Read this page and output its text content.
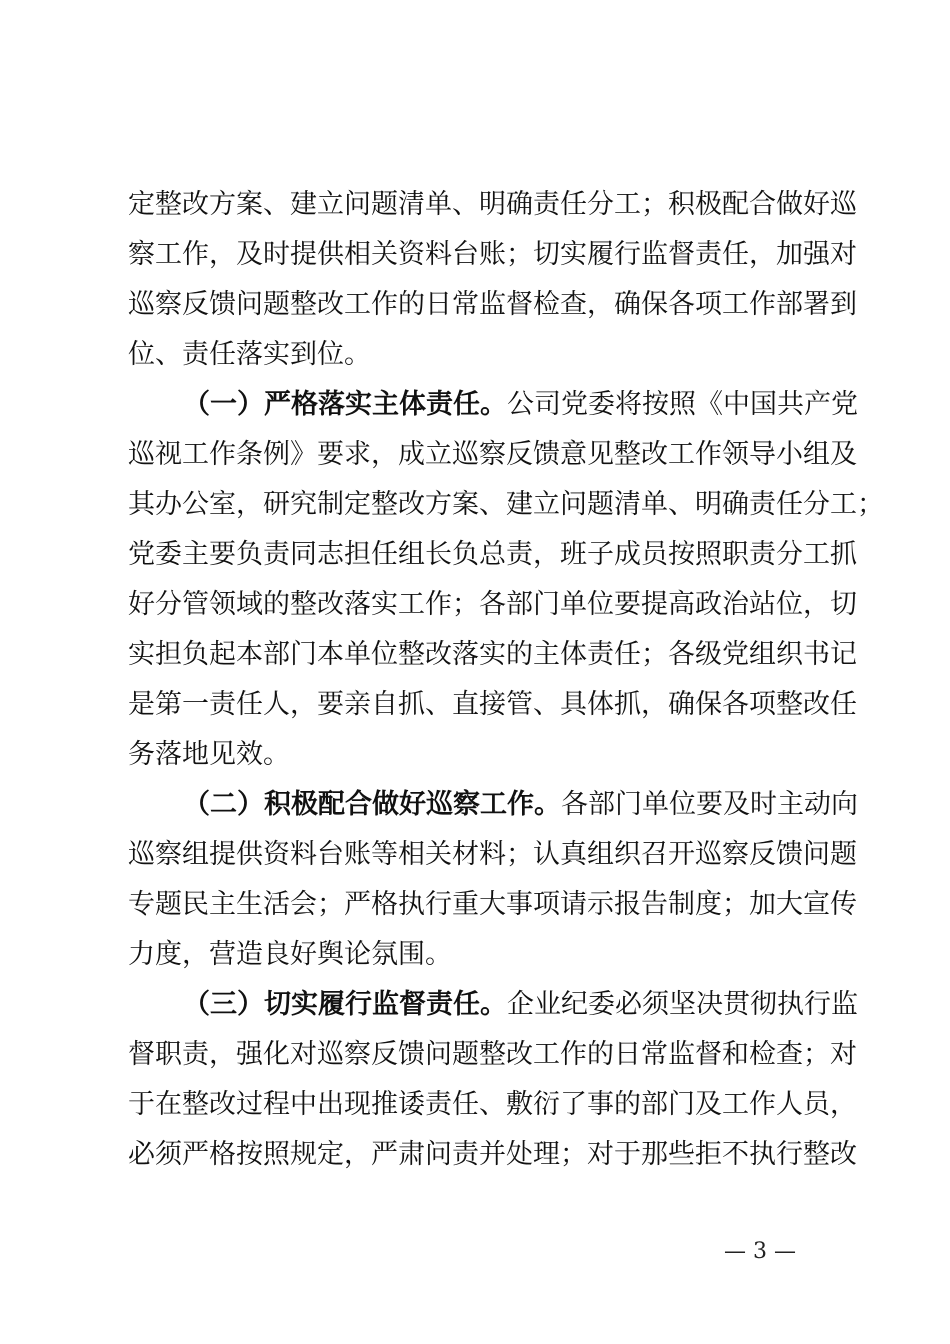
定整改方案、建立问题清单、明确责任分工；积极配合做好巡
察工作，及时提供相关资料台账；切实履行监督责任，加强对
巡察反馈问题整改工作的日常监督检查，确保各项工作部署到
位、责任落实到位。
（一）严格落实主体责任。公司党委将按照《中国共产党
巡视工作条例》要求，成立巡察反馈意见整改工作领导小组及
其办公室，研究制定整改方案、建立问题清单、明确责任分工；
党委主要负责同志担任组长负总责，班子成员按照职责分工抓
好分管领域的整改落实工作；各部门单位要提高政治站位，切
实担负起本部门本单位整改落实的主体责任；各级党组织书记
是第一责任人，要亲自抓、直接管、具体抓，确保各项整改任
务落地见效。
（二）积极配合做好巡察工作。各部门单位要及时主动向
巡察组提供资料台账等相关材料；认真组织召开巡察反馈问题
专题民主生活会；严格执行重大事项请示报告制度；加大宣传
力度，营造良好舆论氛围。
（三）切实履行监督责任。企业纪委必须坚决贯彻执行监
督职责，强化对巡察反馈问题整改工作的日常监督和检查；对
于在整改过程中出现推诿责任、敷衍了事的部门及工作人员，
必须严格按照规定，严肃问责并处理；对于那些拒不执行整改
— 3 —
